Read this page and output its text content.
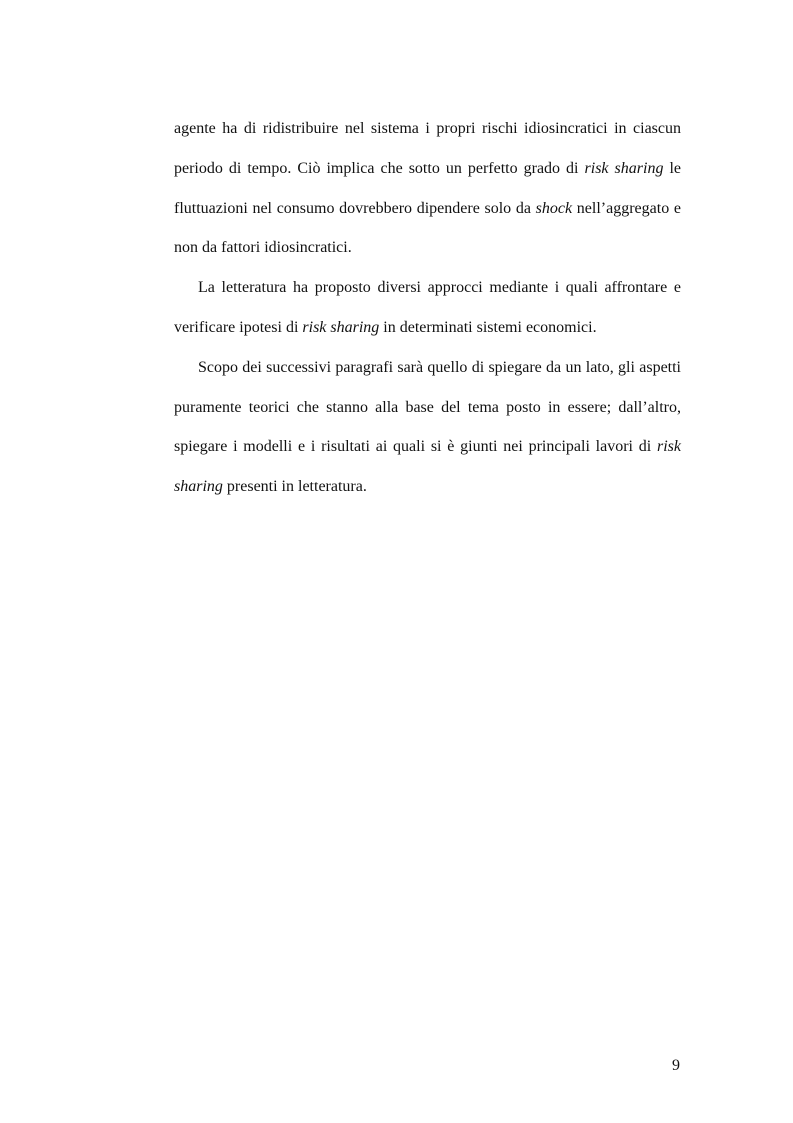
agente ha di ridistribuire nel sistema i propri rischi idiosincratici in ciascun periodo di tempo. Ciò implica che sotto un perfetto grado di risk sharing le fluttuazioni nel consumo dovrebbero dipendere solo da shock nell’aggregato e non da fattori idiosincratici.

La letteratura ha proposto diversi approcci mediante i quali affrontare e verificare ipotesi di risk sharing in determinati sistemi economici.

Scopo dei successivi paragrafi sarà quello di spiegare da un lato, gli aspetti puramente teorici che stanno alla base del tema posto in essere; dall’altro, spiegare i modelli e i risultati ai quali si è giunti nei principali lavori di risk sharing presenti in letteratura.

9
